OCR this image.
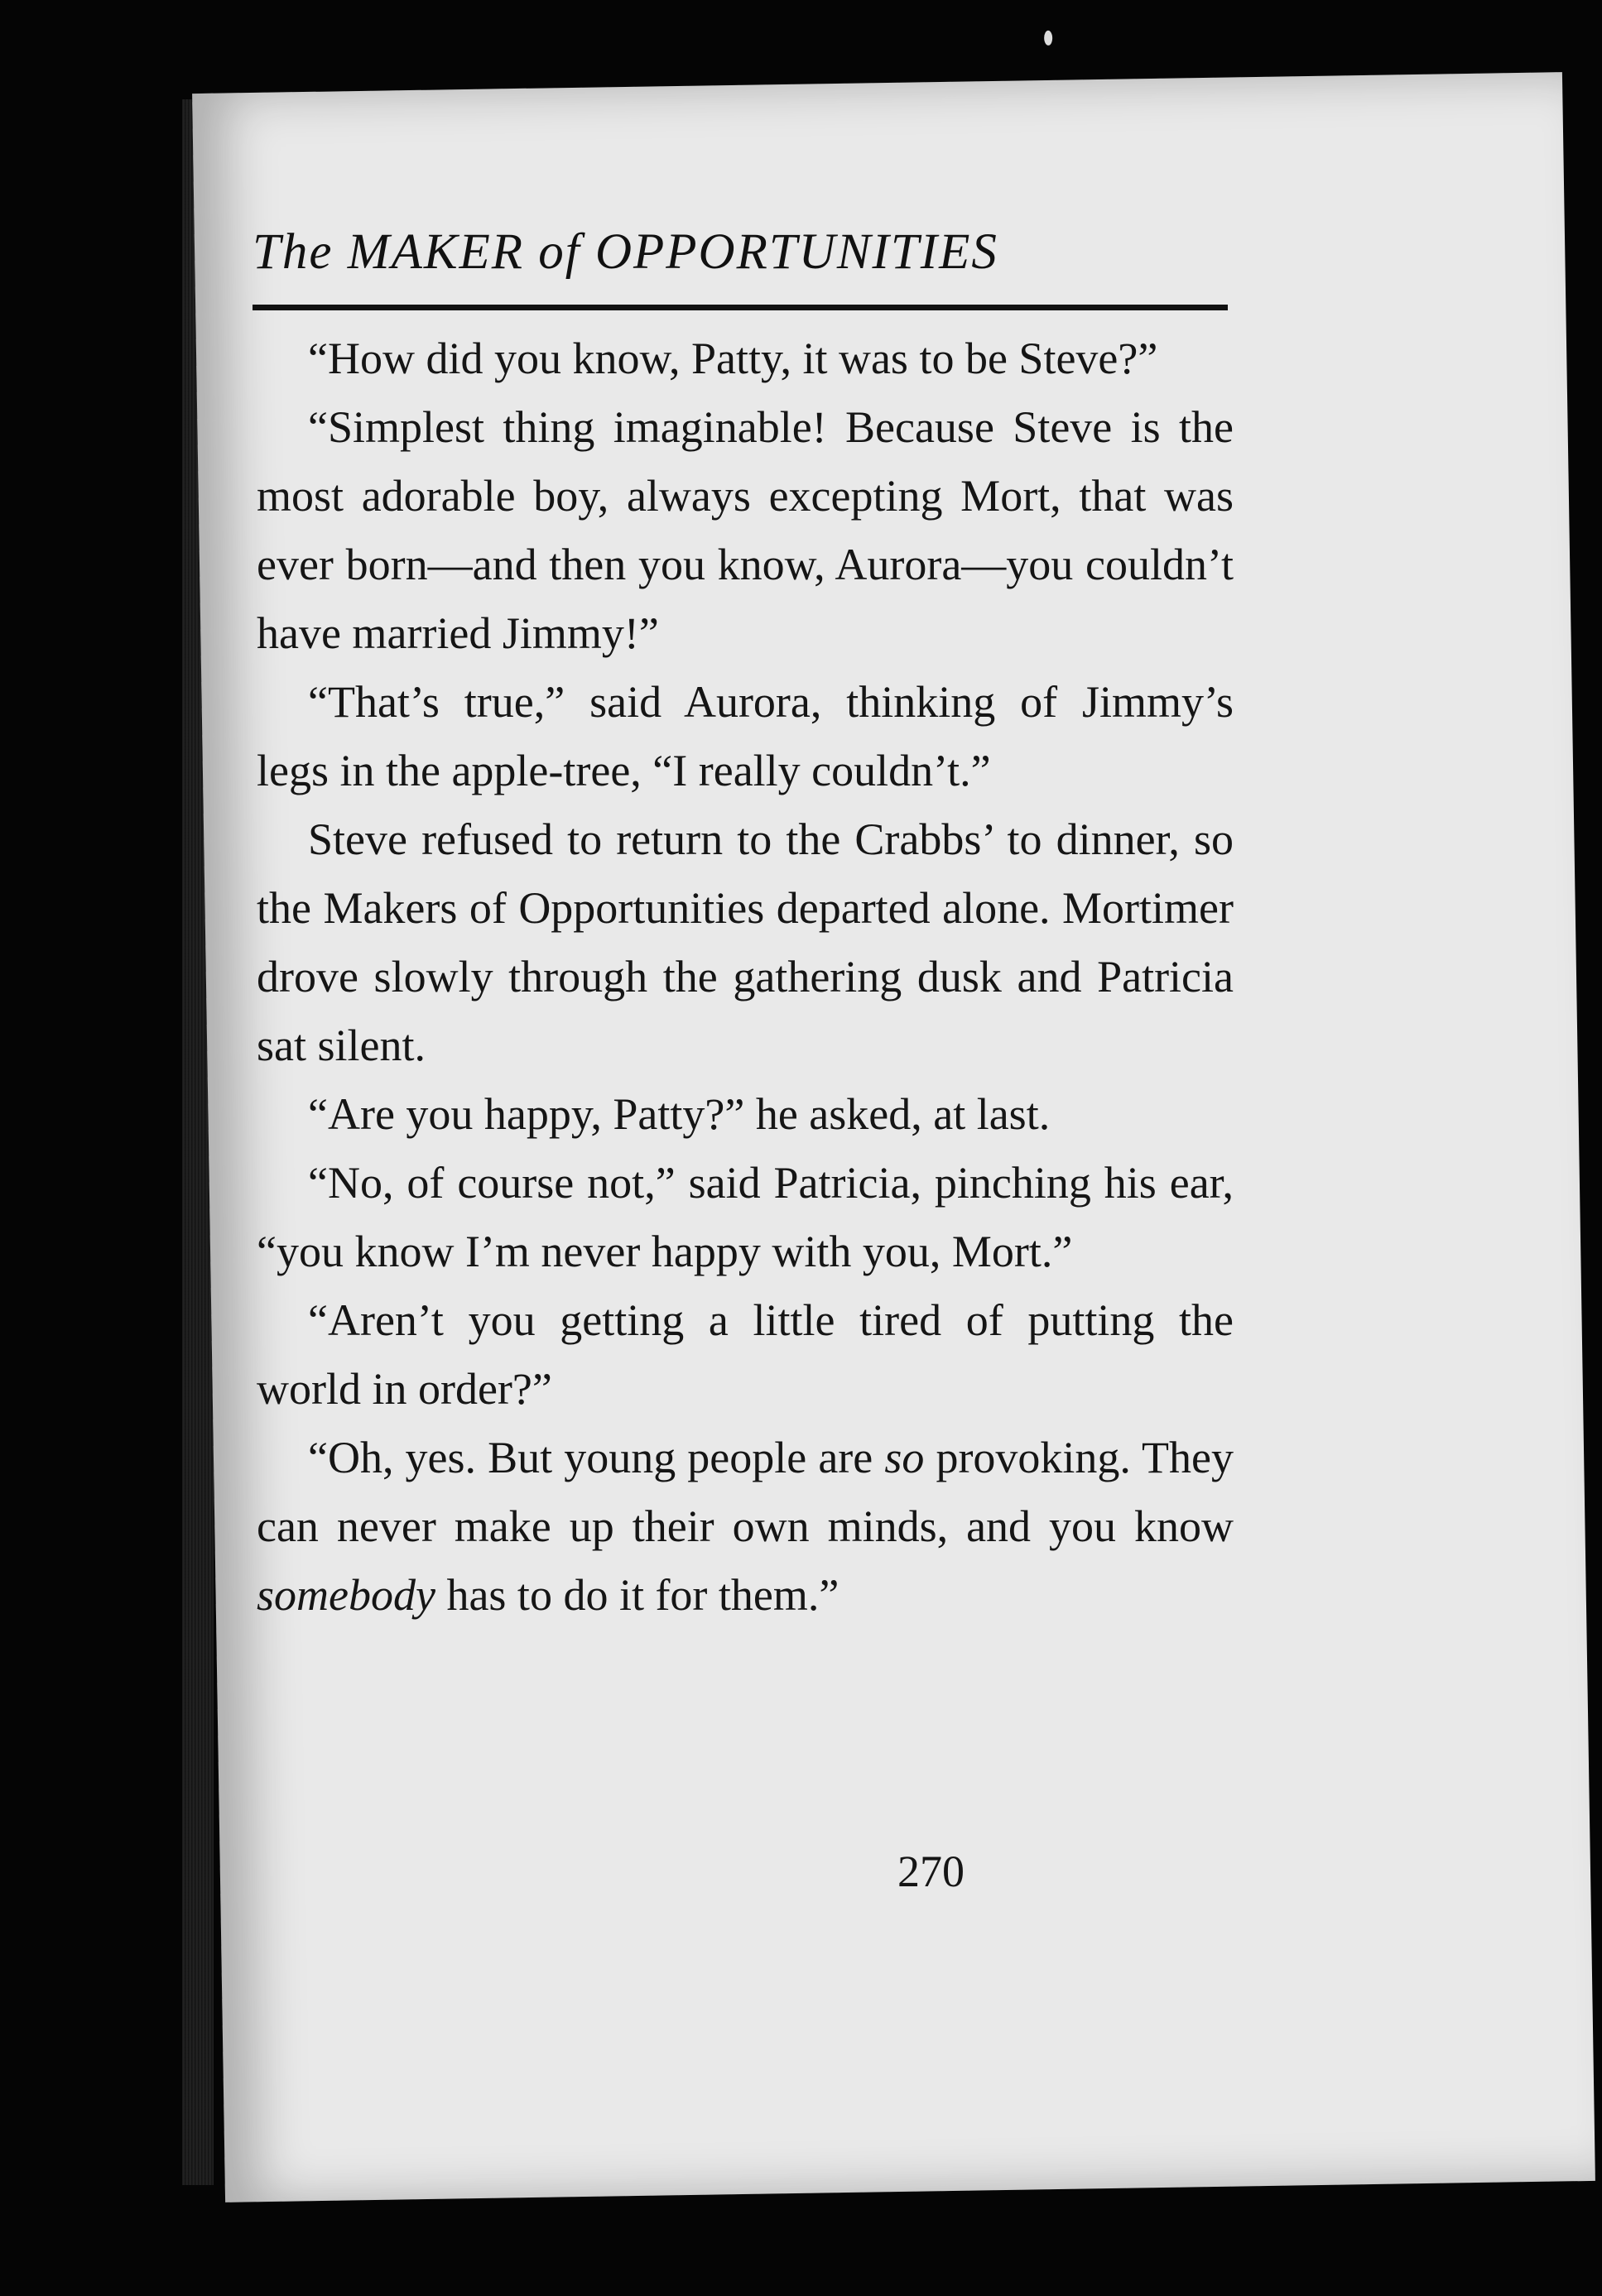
The MAKER of OPPORTUNITIES

“How did you know, Patty, it was to be Steve?”

“Simplest thing imaginable! Because Steve is the most adorable boy, always excepting Mort, that was ever born—and then you know, Aurora—you couldn’t have married Jimmy!”

“That’s true,” said Aurora, thinking of Jimmy’s legs in the apple-tree, “I really couldn’t.”

Steve refused to return to the Crabbs’ to dinner, so the Makers of Opportunities departed alone. Mortimer drove slowly through the gathering dusk and Patricia sat silent.

“Are you happy, Patty?” he asked, at last.

“No, of course not,” said Patricia, pinching his ear, “you know I’m never happy with you, Mort.”

“Aren’t you getting a little tired of putting the world in order?”

“Oh, yes. But young people are so provoking. They can never make up their own minds, and you know somebody has to do it for them.”

270
